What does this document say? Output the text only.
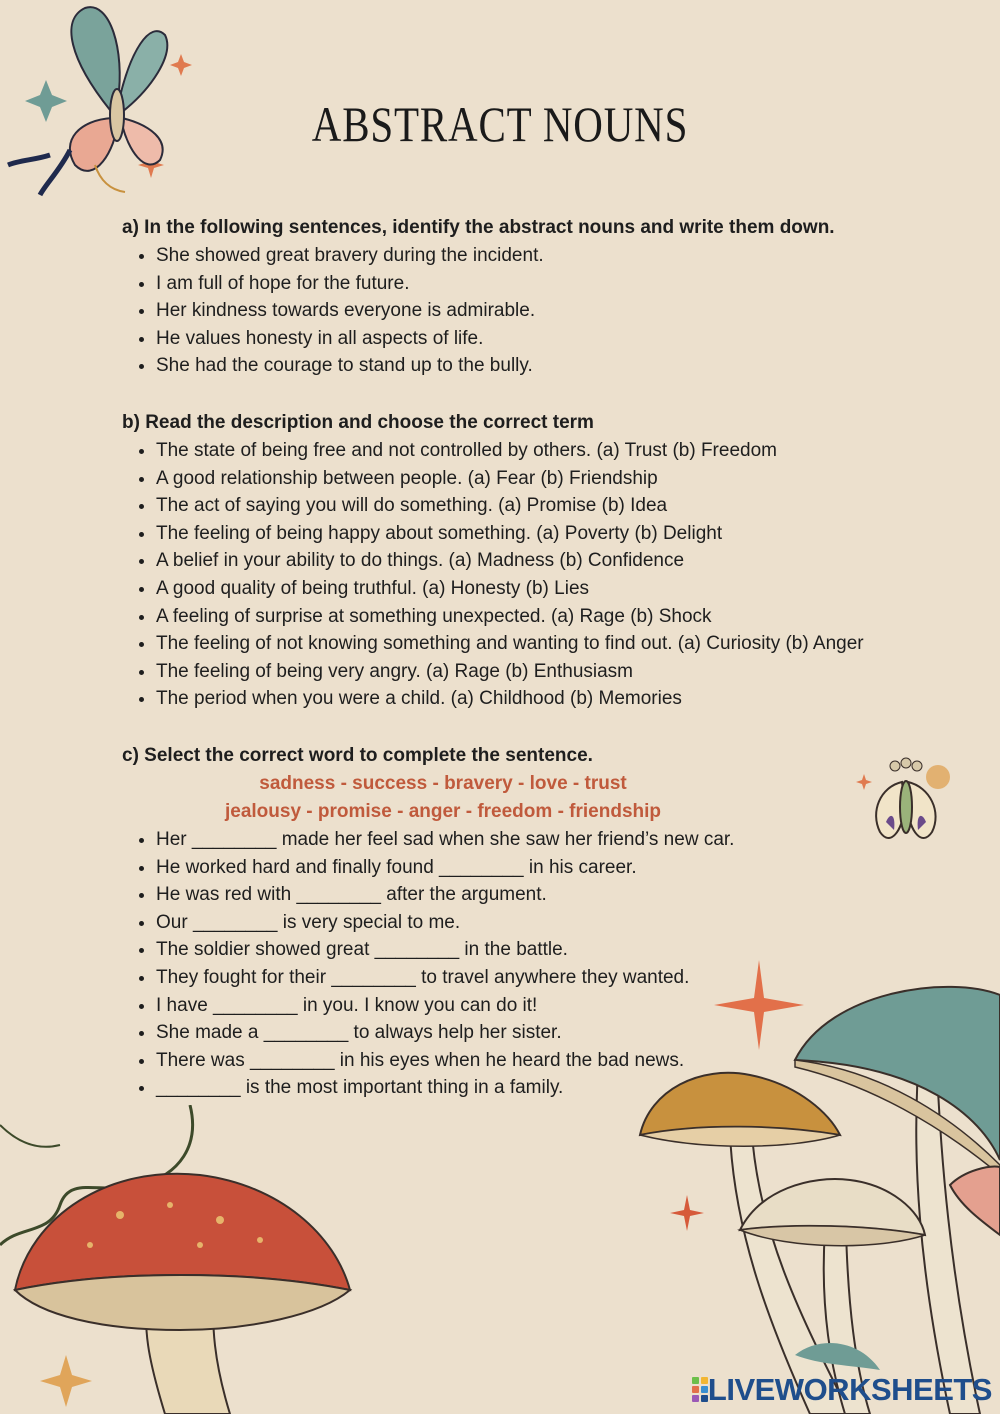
ABSTRACT NOUNS

a) In the following sentences, identify the abstract nouns and write them down.

• She showed great bravery during the incident.
• I am full of hope for the future.
• Her kindness towards everyone is admirable.
• He values honesty in all aspects of life.
• She had the courage to stand up to the bully.

b) Read the description and choose the correct term

• The state of being free and not controlled by others. (a) Trust (b) Freedom
• A good relationship between people. (a) Fear (b) Friendship
• The act of saying you will do something. (a) Promise (b) Idea
• The feeling of being happy about something. (a) Poverty (b) Delight
• A belief in your ability to do things. (a) Madness (b) Confidence
• A good quality of being truthful. (a) Honesty (b) Lies
• A feeling of surprise at something unexpected. (a) Rage (b) Shock
• The feeling of not knowing something and wanting to find out. (a) Curiosity (b) Anger
• The feeling of being very angry. (a) Rage (b) Enthusiasm
• The period when you were a child. (a) Childhood (b) Memories

c) Select the correct word to complete the sentence.

sadness - success - bravery - love - trust
jealousy - promise - anger - freedom - friendship
• Her ________ made her feel sad when she saw her friend’s new car.
• He worked hard and finally found ________ in his career.
• He was red with ________ after the argument.
• Our ________ is very special to me.
• The soldier showed great ________ in the battle.
• They fought for their ________ to travel anywhere they wanted.
• I have ________ in you. I know you can do it!
• She made a ________ to always help her sister.
• There was ________ in his eyes when he heard the bad news.
• ________ is the most important thing in a family.
LIVEWORKSHEETS
